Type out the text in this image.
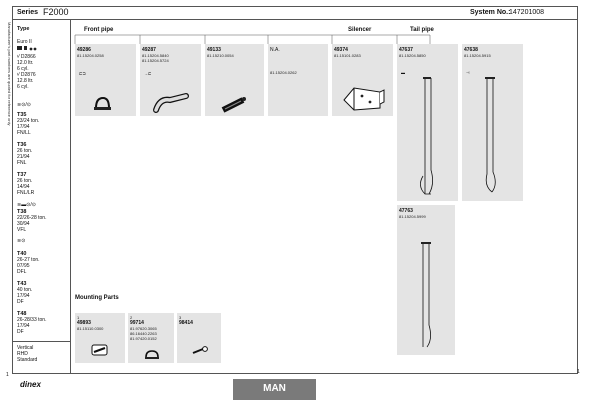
Series F2000	System No.:
147201008
Manufacturer's part numbers are quoted for reference only
1
Type
Euro II
¹⁄ D2866
12.0 ltr.
6 cyl.
¹⁄ D2876
12.8 ltr.
6 cyl.
≋⊙/⊙
T35
23/24 ton.
17/94
FN/LL
T36
26 ton.
21/94
FNL
T37
26 ton.
14/94
FNL/LR
≋▬⊙/⊙
T38
22/26-28 ton.
30/94
VFL
≋⊙
T40
26-27 ton.
07/95
DFL
T43
40 ton.
17/94
DF
T48
26-28/33 ton.
17/94
DF
Vertical
RHD
Standard
Front pipe	Silencer	Tail pipe
49286
81.15204.0258
⊏⊐
49287
81.15204.5840
81.15204.5724
→⊏
49133
81.15210.0054
N.A.
81.15204.0262
49374
81.15101.0283
47637
81.15204.5850
▬
47638
81.15204.5915
⊣
47763
81.15204.5999
Mounting Parts
1
49893
81.15110.0300
2
99714
81.97620.3065
86.16440.2263
81.97420.0152
3
98414
1
dinex	MAN
